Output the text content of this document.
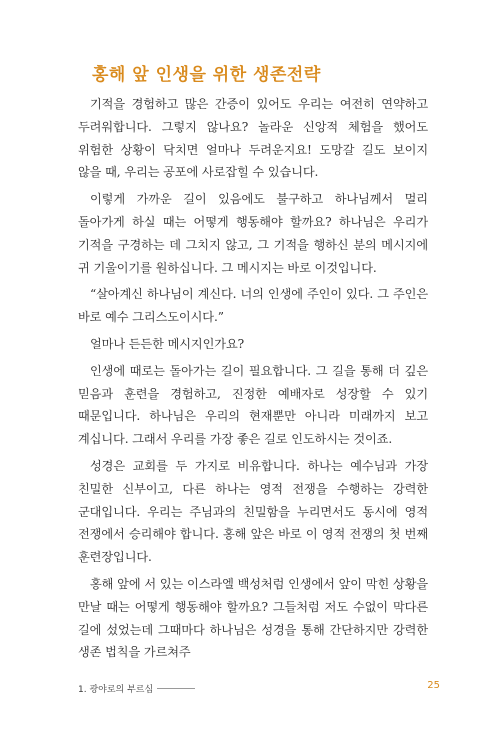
홍해 앞 인생을 위한 생존전략

기적을 경험하고 많은 간증이 있어도 우리는 여전히 연약하고 두려워합니다. 그렇지 않나요? 놀라운 신앙적 체험을 했어도 위험한 상황이 닥치면 얼마나 두려운지요! 도망갈 길도 보이지 않을 때, 우리는 공포에 사로잡힐 수 있습니다.

이렇게 가까운 길이 있음에도 불구하고 하나님께서 멀리 돌아가게 하실 때는 어떻게 행동해야 할까요? 하나님은 우리가 기적을 구경하는 데 그치지 않고, 그 기적을 행하신 분의 메시지에 귀 기울이기를 원하십니다. 그 메시지는 바로 이것입니다.

“살아계신 하나님이 계신다. 너의 인생에 주인이 있다. 그 주인은 바로 예수 그리스도이시다.”

얼마나 든든한 메시지인가요?

인생에 때로는 돌아가는 길이 필요합니다. 그 길을 통해 더 깊은 믿음과 훈련을 경험하고, 진정한 예배자로 성장할 수 있기 때문입니다. 하나님은 우리의 현재뿐만 아니라 미래까지 보고 계십니다. 그래서 우리를 가장 좋은 길로 인도하시는 것이죠.

성경은 교회를 두 가지로 비유합니다. 하나는 예수님과 가장 친밀한 신부이고, 다른 하나는 영적 전쟁을 수행하는 강력한 군대입니다. 우리는 주님과의 친밀함을 누리면서도 동시에 영적 전쟁에서 승리해야 합니다. 홍해 앞은 바로 이 영적 전쟁의 첫 번째 훈련장입니다.

홍해 앞에 서 있는 이스라엘 백성처럼 인생에서 앞이 막힌 상황을 만날 때는 어떻게 행동해야 할까요? 그들처럼 저도 수없이 막다른 길에 섰었는데 그때마다 하나님은 성경을 통해 간단하지만 강력한 생존 법칙을 가르쳐주

1. 광야로의 부르심	25
